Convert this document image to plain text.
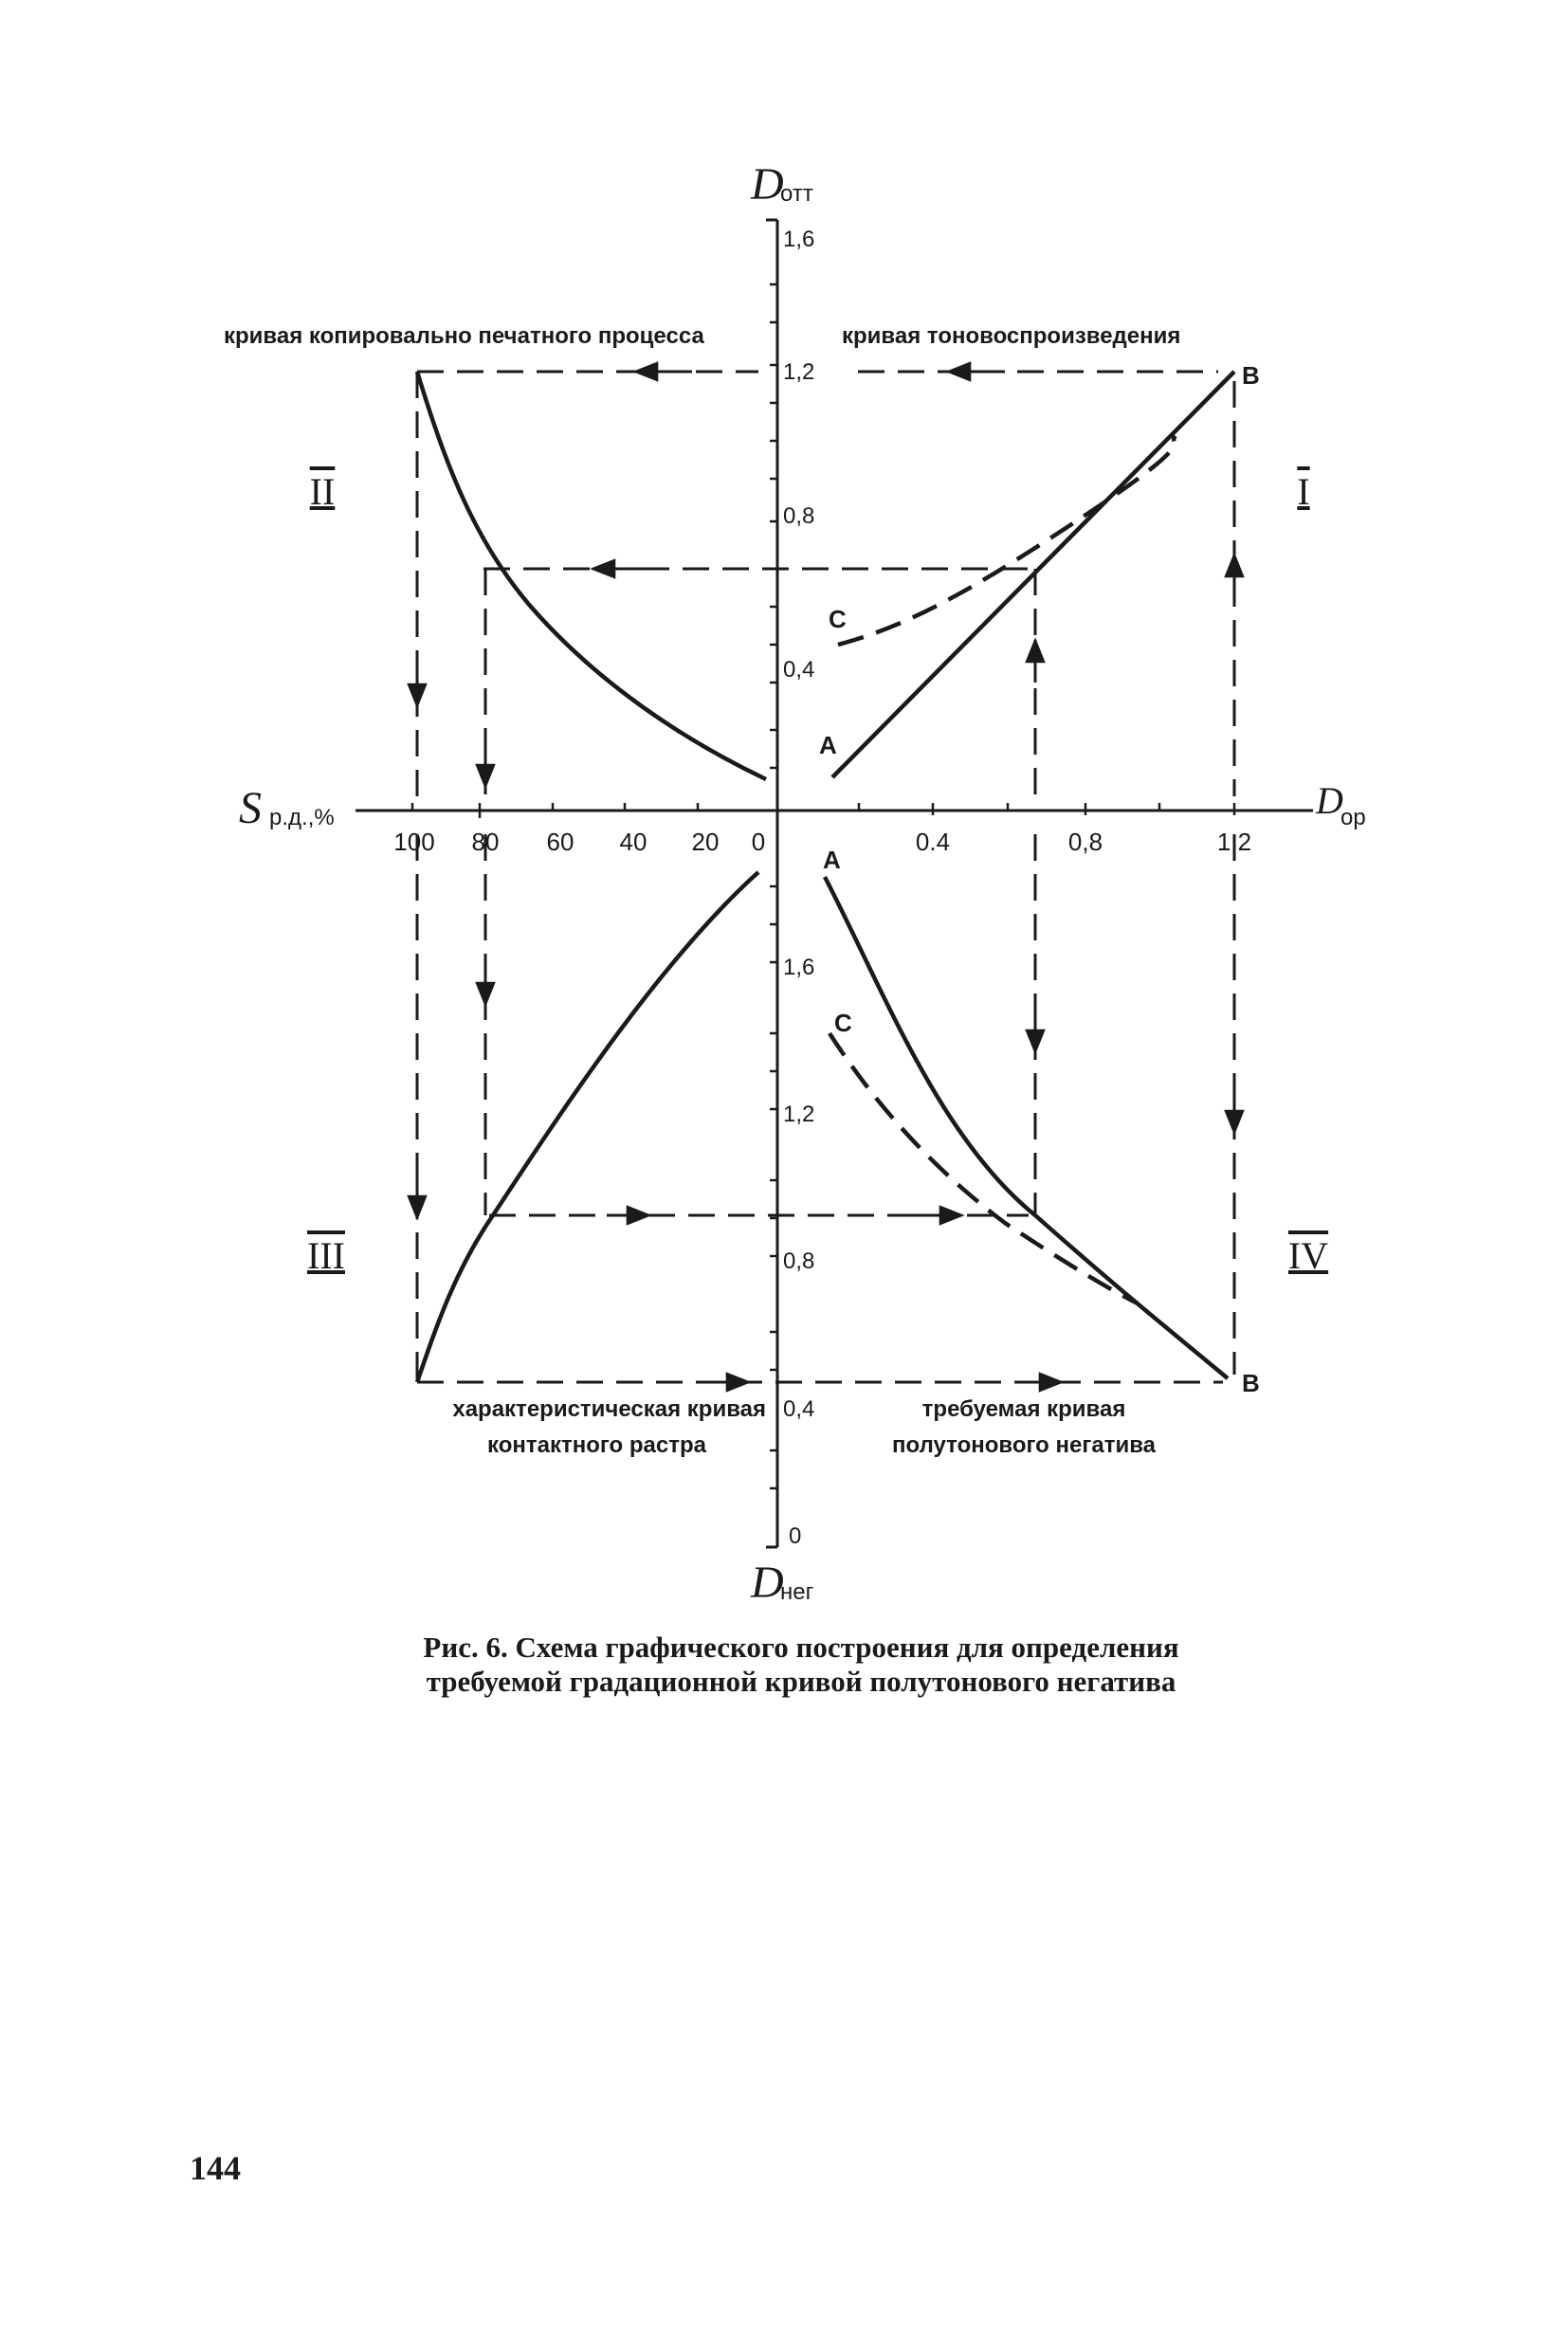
D
отт
D
нег
S р.д.,%	D
ор
1,6
1,2
0,8
0,4
1,6
1,2
0,8
0,4
0
100 80 60 40 20 0	0.4	0,8	1,2
кривая копировально печатного процесса	кривая тоновоспроизведения
характеристическая кривая
контактного растра
требуемая кривая
полутонового негатива
I
II
III	IV
B
A
C
A
C
B
Рис. 6. Схема графического построения для определения
требуемой градационной кривой полутонового негатива
144
